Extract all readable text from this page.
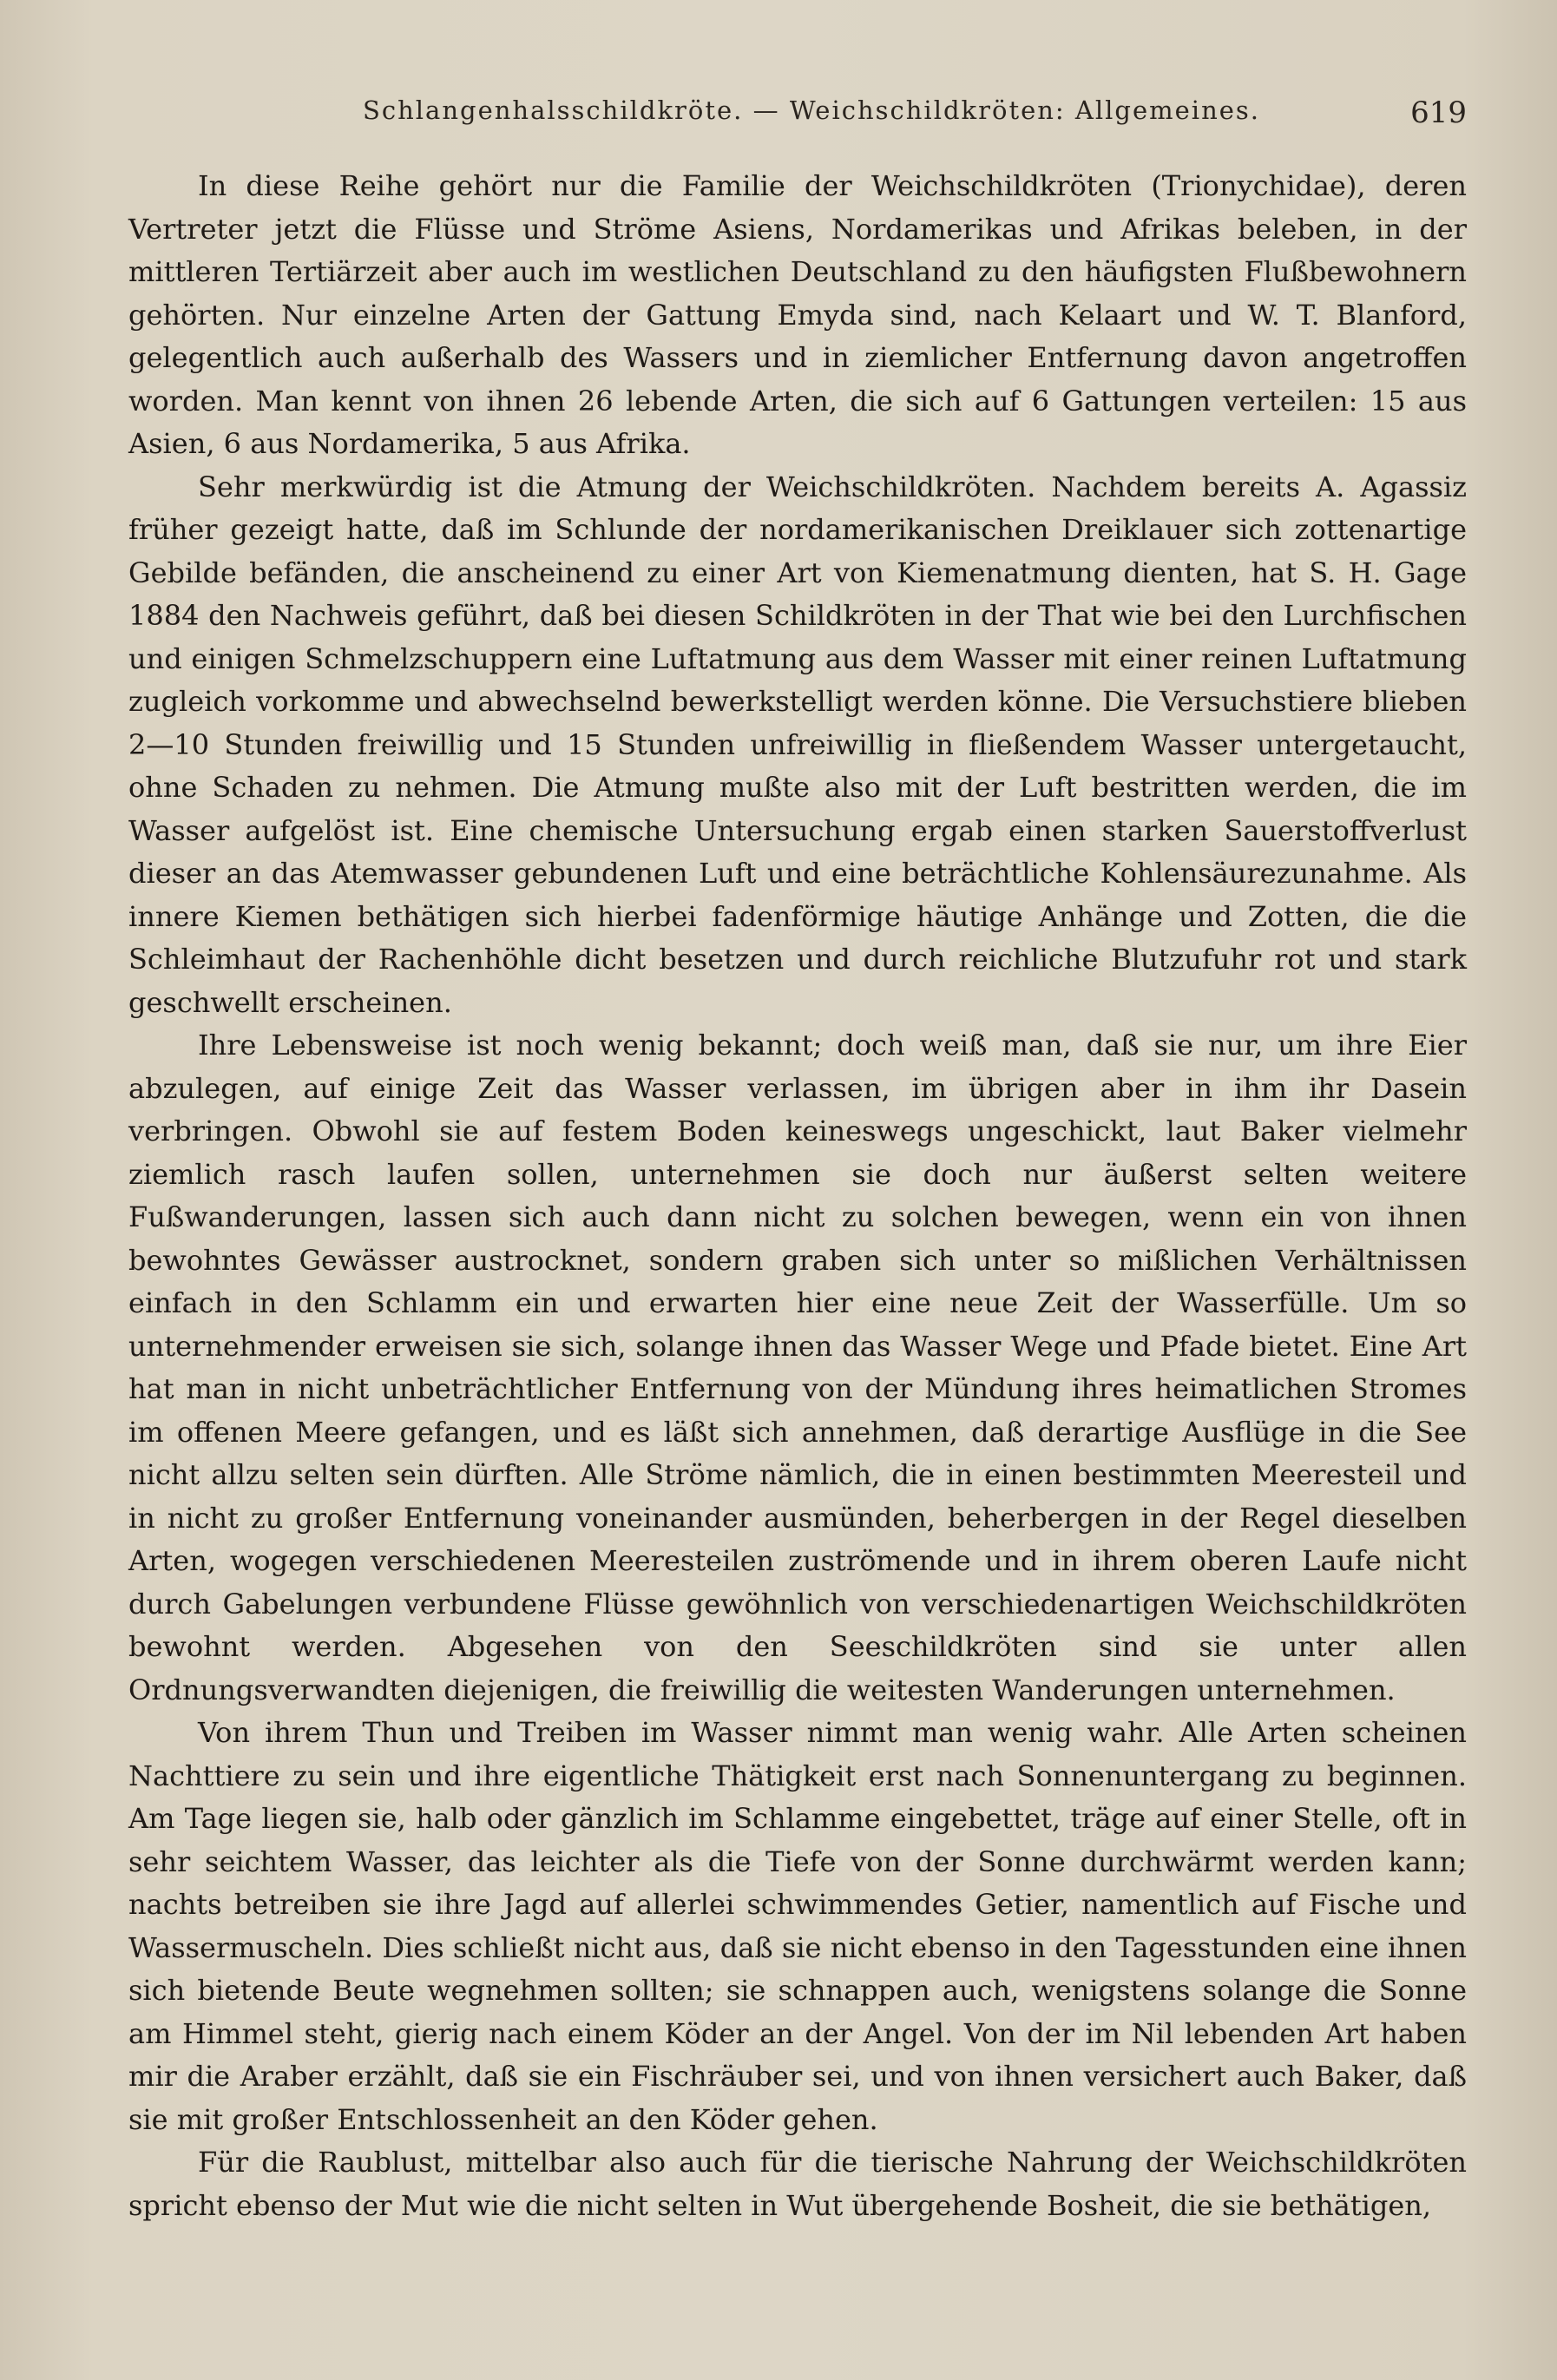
Schlangenhalsschildkröte. — Weichschildkröten: Allgemeines.	619

In diese Reihe gehört nur die Familie der Weichschildkröten (Trionychidae), deren Vertreter jetzt die Flüsse und Ströme Asiens, Nordamerikas und Afrikas beleben, in der mittleren Tertiärzeit aber auch im westlichen Deutschland zu den häufigsten Flußbewohnern gehörten. Nur einzelne Arten der Gattung Emyda sind, nach Kelaart und W. T. Blanford, gelegentlich auch außerhalb des Wassers und in ziemlicher Entfernung davon angetroffen worden. Man kennt von ihnen 26 lebende Arten, die sich auf 6 Gattungen verteilen: 15 aus Asien, 6 aus Nordamerika, 5 aus Afrika.

Sehr merkwürdig ist die Atmung der Weichschildkröten. Nachdem bereits A. Agassiz früher gezeigt hatte, daß im Schlunde der nordamerikanischen Dreiklauer sich zottenartige Gebilde befänden, die anscheinend zu einer Art von Kiemenatmung dienten, hat S. H. Gage 1884 den Nachweis geführt, daß bei diesen Schildkröten in der That wie bei den Lurchfischen und einigen Schmelzschuppern eine Luftatmung aus dem Wasser mit einer reinen Luftatmung zugleich vorkomme und abwechselnd bewerkstelligt werden könne. Die Versuchstiere blieben 2—10 Stunden freiwillig und 15 Stunden unfreiwillig in fließendem Wasser untergetaucht, ohne Schaden zu nehmen. Die Atmung mußte also mit der Luft bestritten werden, die im Wasser aufgelöst ist. Eine chemische Untersuchung ergab einen starken Sauerstoffverlust dieser an das Atemwasser gebundenen Luft und eine beträchtliche Kohlensäurezunahme. Als innere Kiemen bethätigen sich hierbei fadenförmige häutige Anhänge und Zotten, die die Schleimhaut der Rachenhöhle dicht besetzen und durch reichliche Blutzufuhr rot und stark geschwellt erscheinen.

Ihre Lebensweise ist noch wenig bekannt; doch weiß man, daß sie nur, um ihre Eier abzulegen, auf einige Zeit das Wasser verlassen, im übrigen aber in ihm ihr Dasein verbringen. Obwohl sie auf festem Boden keineswegs ungeschickt, laut Baker vielmehr ziemlich rasch laufen sollen, unternehmen sie doch nur äußerst selten weitere Fußwanderungen, lassen sich auch dann nicht zu solchen bewegen, wenn ein von ihnen bewohntes Gewässer austrocknet, sondern graben sich unter so mißlichen Verhältnissen einfach in den Schlamm ein und erwarten hier eine neue Zeit der Wasserfülle. Um so unternehmender erweisen sie sich, solange ihnen das Wasser Wege und Pfade bietet. Eine Art hat man in nicht unbeträchtlicher Entfernung von der Mündung ihres heimatlichen Stromes im offenen Meere gefangen, und es läßt sich annehmen, daß derartige Ausflüge in die See nicht allzu selten sein dürften. Alle Ströme nämlich, die in einen bestimmten Meeresteil und in nicht zu großer Entfernung voneinander ausmünden, beherbergen in der Regel dieselben Arten, wogegen verschiedenen Meeresteilen zuströmende und in ihrem oberen Laufe nicht durch Gabelungen verbundene Flüsse gewöhnlich von verschiedenartigen Weichschildkröten bewohnt werden. Abgesehen von den Seeschildkröten sind sie unter allen Ordnungsverwandten diejenigen, die freiwillig die weitesten Wanderungen unternehmen.

Von ihrem Thun und Treiben im Wasser nimmt man wenig wahr. Alle Arten scheinen Nachttiere zu sein und ihre eigentliche Thätigkeit erst nach Sonnenuntergang zu beginnen. Am Tage liegen sie, halb oder gänzlich im Schlamme eingebettet, träge auf einer Stelle, oft in sehr seichtem Wasser, das leichter als die Tiefe von der Sonne durchwärmt werden kann; nachts betreiben sie ihre Jagd auf allerlei schwimmendes Getier, namentlich auf Fische und Wassermuscheln. Dies schließt nicht aus, daß sie nicht ebenso in den Tagesstunden eine ihnen sich bietende Beute wegnehmen sollten; sie schnappen auch, wenigstens solange die Sonne am Himmel steht, gierig nach einem Köder an der Angel. Von der im Nil lebenden Art haben mir die Araber erzählt, daß sie ein Fischräuber sei, und von ihnen versichert auch Baker, daß sie mit großer Entschlossenheit an den Köder gehen.

Für die Raublust, mittelbar also auch für die tierische Nahrung der Weichschildkröten spricht ebenso der Mut wie die nicht selten in Wut übergehende Bosheit, die sie bethätigen,
